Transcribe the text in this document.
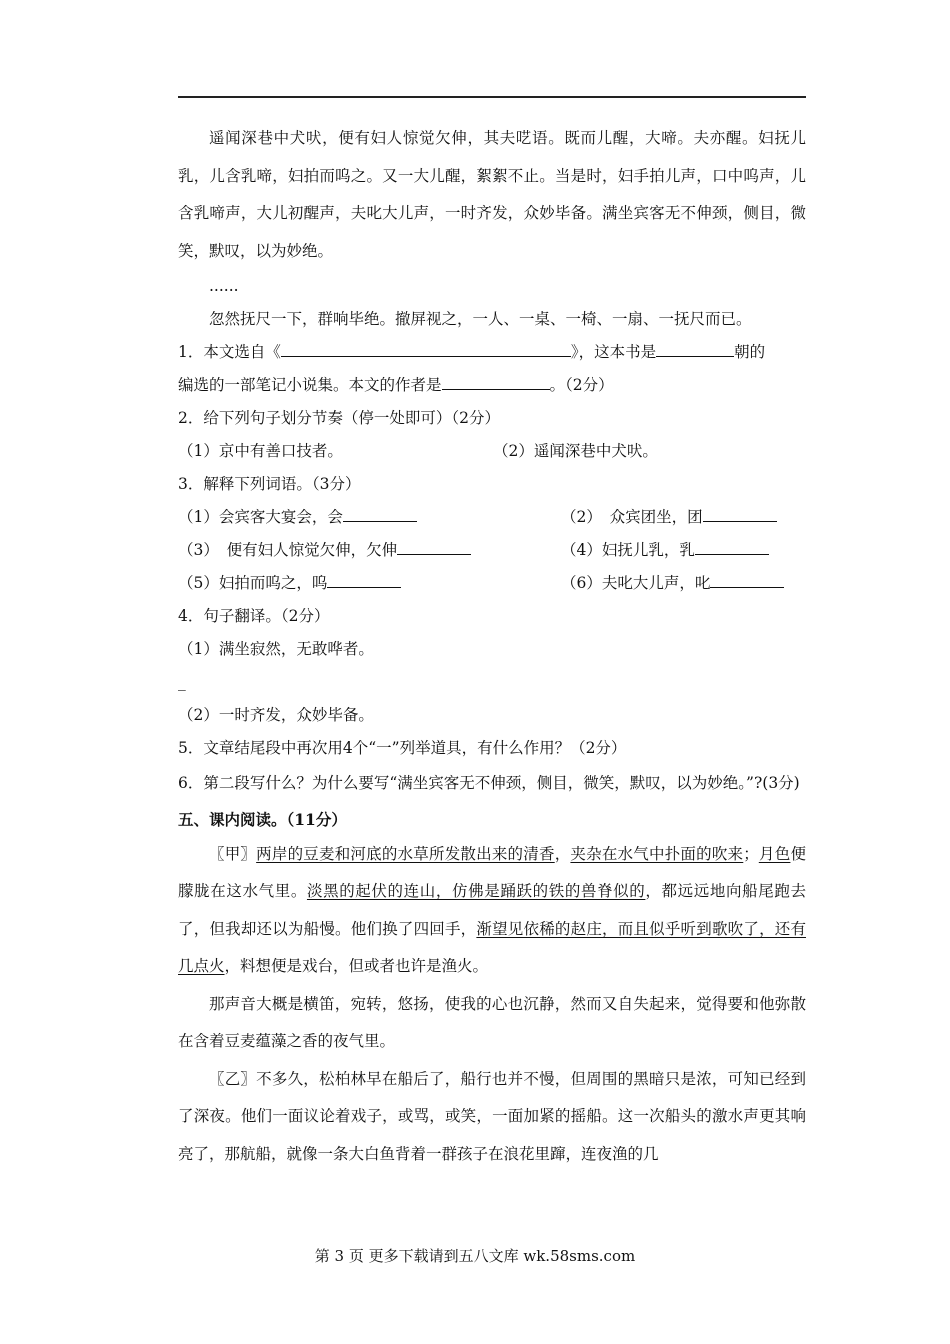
遥闻深巷中犬吠，便有妇人惊觉欠伸，其夫呓语。既而儿醒，大啼。夫亦醒。妇抚儿乳，儿含乳啼，妇拍而呜之。又一大儿醒，絮絮不止。当是时，妇手拍儿声，口中呜声，儿含乳啼声，大儿初醒声，夫叱大儿声，一时齐发，众妙毕备。满坐宾客无不伸颈，侧目，微笑，默叹，以为妙绝。

......

忽然抚尺一下，群响毕绝。撤屏视之，一人、一桌、一椅、一扇、一抚尺而已。

1．本文选自《	》，这本书是	朝的
编选的一部笔记小说集。本文的作者是	。（2分）
2．给下列句子划分节奏（停一处即可）（2分）
（1）京中有善口技者。	（2）遥闻深巷中犬吠。
3．解释下列词语。（3分）
（1）会宾客大宴会，会	（2）　众宾团坐，团
（3）　便有妇人惊觉欠伸，欠伸	（4）妇抚儿乳，乳
（5）妇拍而呜之，呜	（6）夫叱大儿声，叱
4．句子翻译。（2分）
（1）满坐寂然，无敢哗者。
_
（2）一时齐发，众妙毕备。
5．文章结尾段中再次用4个“一”列举道具，有什么作用？（2分）

6．第二段写什么？为什么要写“满坐宾客无不伸颈，侧目，微笑，默叹，以为妙绝。”?(3分)

五、课内阅读。（11分）

〖甲〗两岸的豆麦和河底的水草所发散出来的清香，夹杂在水气中扑面的吹来；月色便朦胧在这水气里。淡黑的起伏的连山，仿佛是踊跃的铁的兽脊似的，都远远地向船尾跑去了，但我却还以为船慢。他们换了四回手，渐望见依稀的赵庄，而且似乎听到歌吹了，还有几点火，料想便是戏台，但或者也许是渔火。

那声音大概是横笛，宛转，悠扬，使我的心也沉静，然而又自失起来，觉得要和他弥散在含着豆麦蕴藻之香的夜气里。

〖乙〗不多久，松柏林早在船后了，船行也并不慢，但周围的黑暗只是浓，可知已经到了深夜。他们一面议论着戏子，或骂，或笑，一面加紧的摇船。这一次船头的激水声更其响亮了，那航船，就像一条大白鱼背着一群孩子在浪花里蹿，连夜渔的几

第 3 页 更多下载请到五八文库 wk.58sms.com
